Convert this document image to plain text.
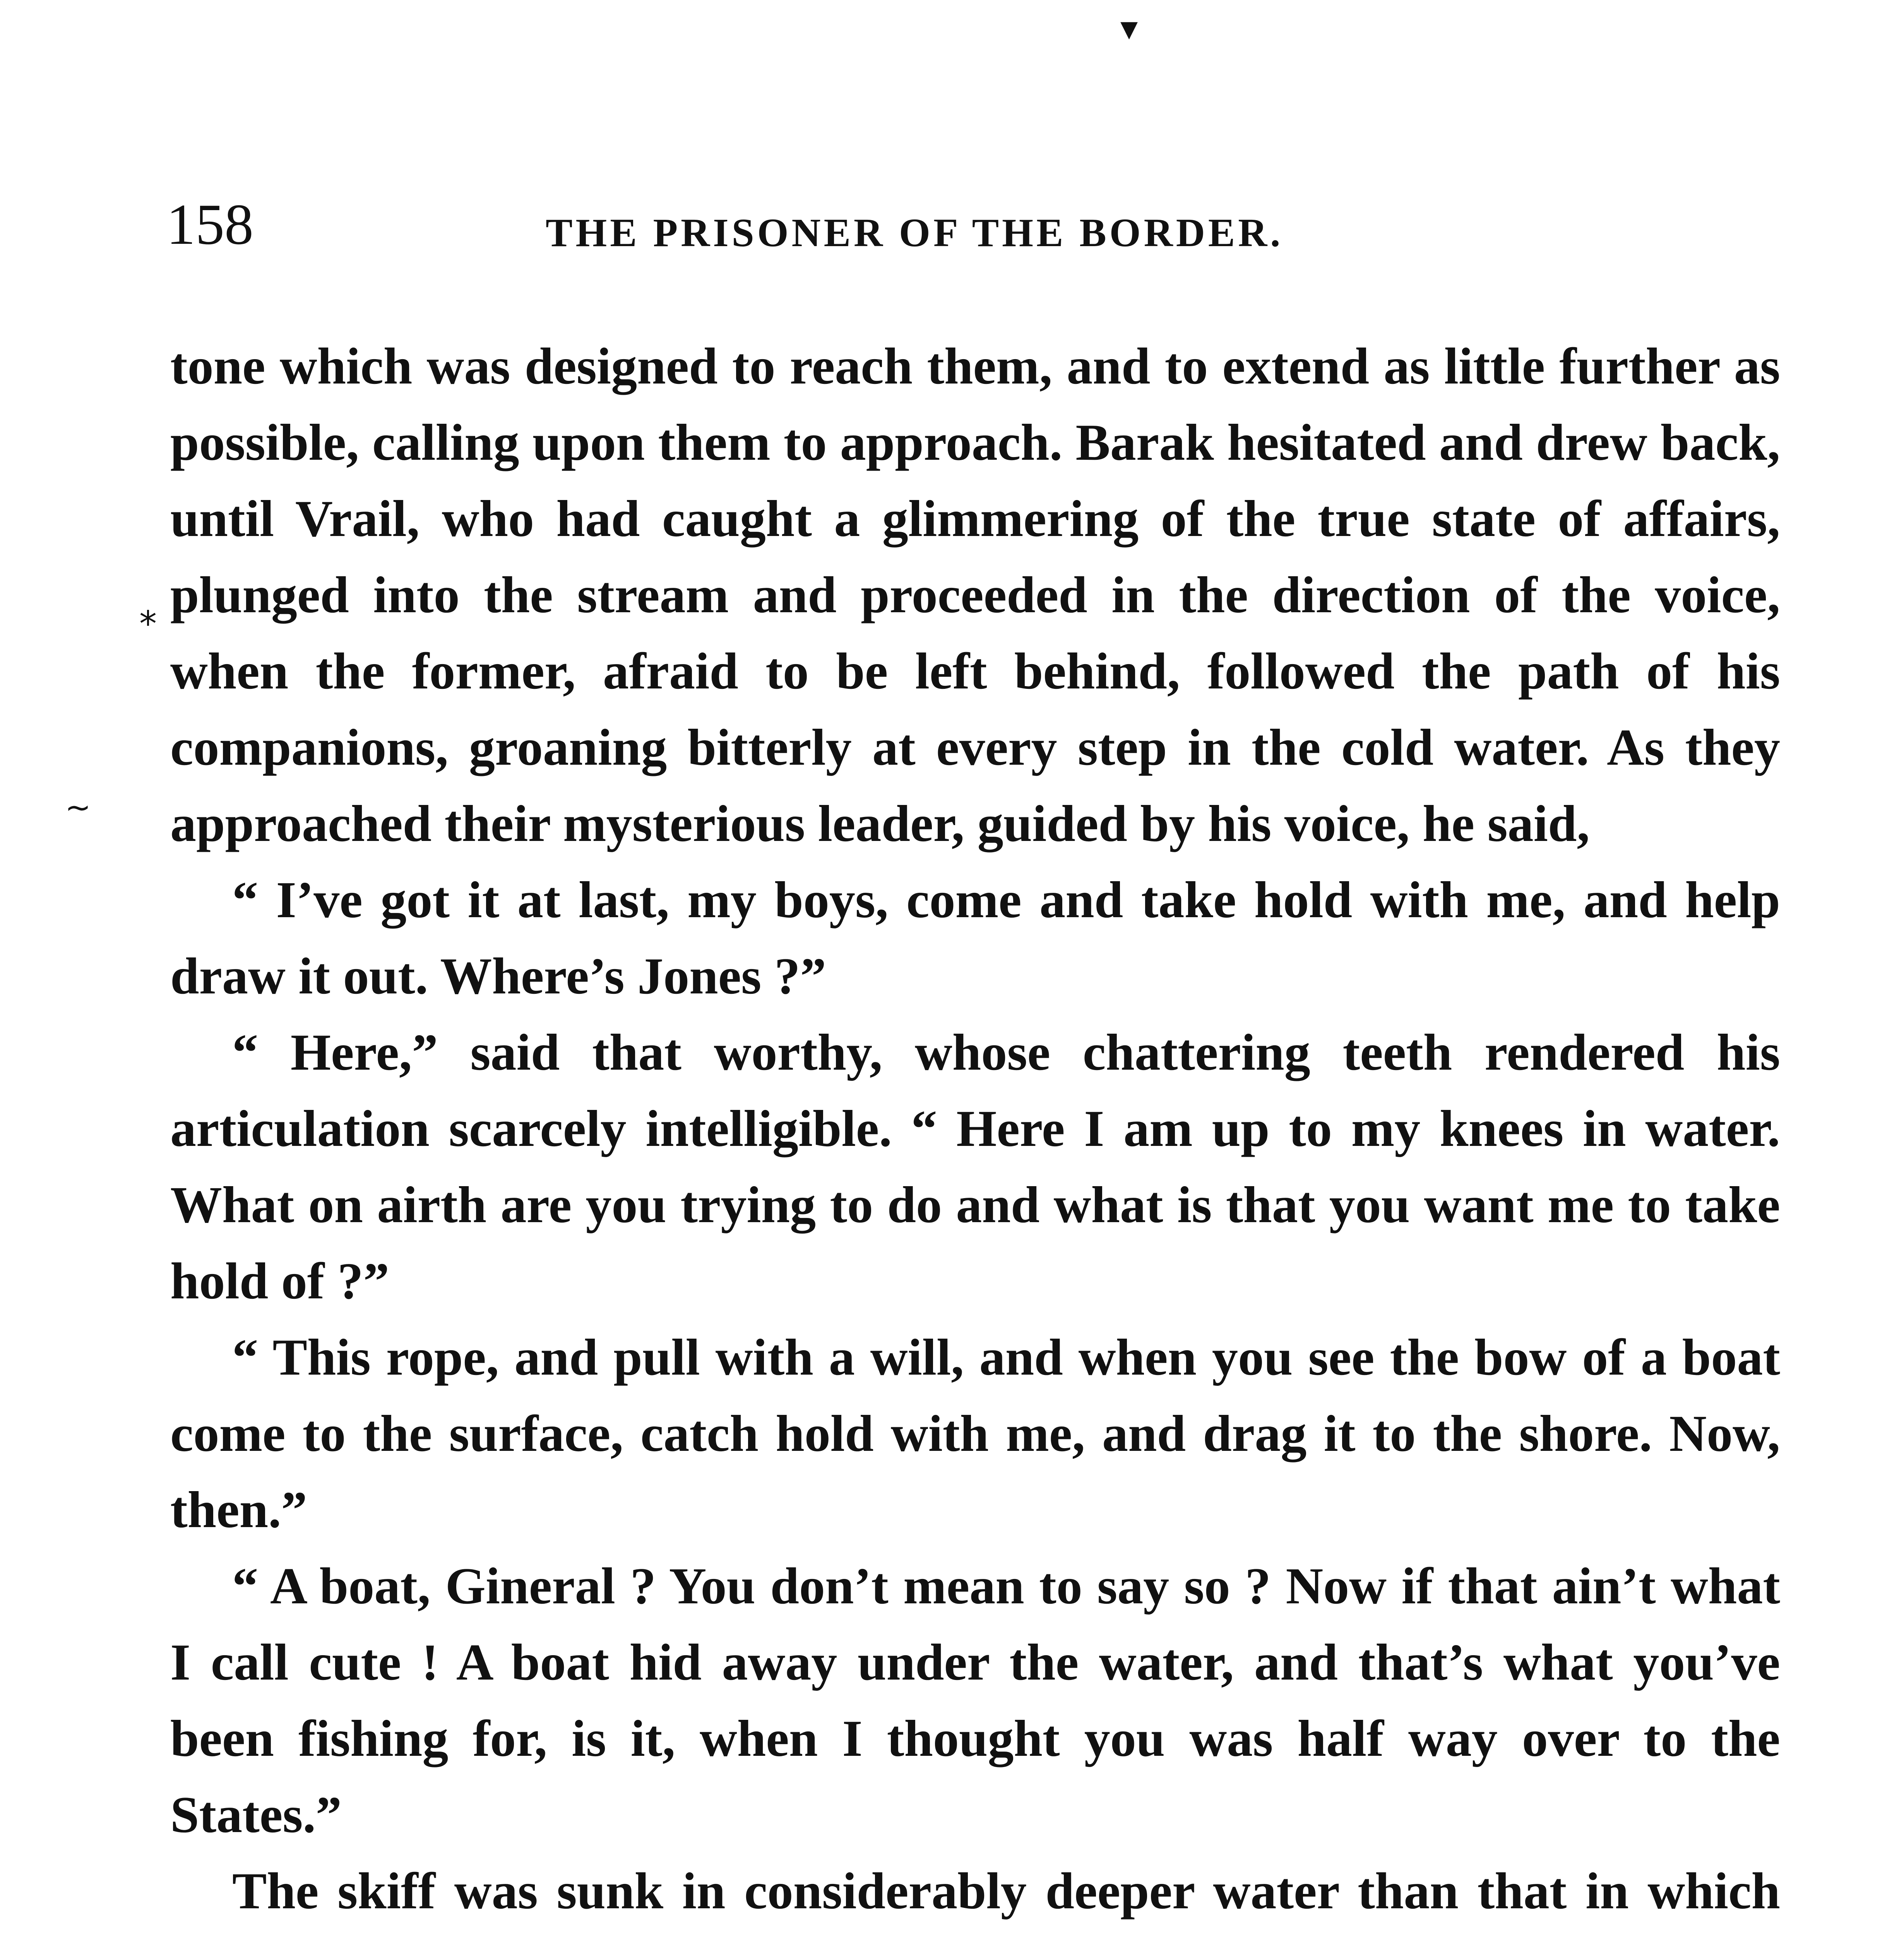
▾
158	THE PRISONER OF THE BORDER.
*
~

tone which was designed to reach them, and to extend as little further as possible, calling upon them to approach. Barak hesitated and drew back, until Vrail, who had caught a glimmering of the true state of affairs, plunged into the stream and proceeded in the direction of the voice, when the former, afraid to be left behind, followed the path of his companions, groaning bitterly at every step in the cold water. As they approached their mysterious leader, guided by his voice, he said,

“ I’ve got it at last, my boys, come and take hold with me, and help draw it out. Where’s Jones ?”

“ Here,” said that worthy, whose chattering teeth rendered his articulation scarcely intelligible. “ Here I am up to my knees in water. What on airth are you trying to do and what is that you want me to take hold of ?”

“ This rope, and pull with a will, and when you see the bow of a boat come to the surface, catch hold with me, and drag it to the shore. Now, then.”

“ A boat, Gineral ? You don’t mean to say so ? Now if that ain’t what I call cute ! A boat hid away under the water, and that’s what you’ve been fishing for, is it, when I thought you was half way over to the States.”

The skiff was sunk in considerably deeper water than that in which
